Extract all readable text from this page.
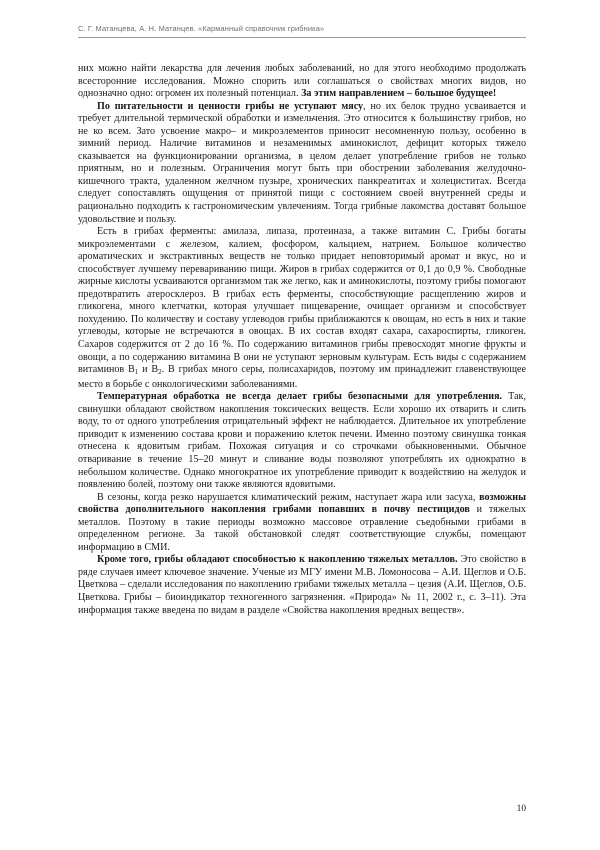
С. Г. Матанцева, А. Н. Матанцев. «Карманный справочник грибника»

них можно найти лекарства для лечения любых заболеваний, но для этого необходимо продолжать всесторонние исследования. Можно спорить или соглашаться о свойствах многих видов, но однозначно одно: огромен их полезный потенциал. За этим направлением – большое будущее!

По питательности и ценности грибы не уступают мясу, но их белок трудно усваивается и требует длительной термической обработки и измельчения. Это относится к большинству грибов, но не ко всем. Зато усвоение макро– и микроэлементов приносит несомненную пользу, особенно в зимний период. Наличие витаминов и незаменимых аминокислот, дефицит которых тяжело сказывается на функционировании организма, в целом делает употребление грибов не только приятным, но и полезным. Ограничения могут быть при обострении заболевания желудочно-кишечного тракта, удаленном желчном пузыре, хронических панкреатитах и холециститах. Всегда следует сопоставлять ощущения от принятой пищи с состоянием своей внутренней среды и рационально подходить к гастрономическим увлечениям. Тогда грибные лакомства доставят большое удовольствие и пользу.

Есть в грибах ферменты: амилаза, липаза, протеиназа, а также витамин С. Грибы богаты микроэлементами с железом, калием, фосфором, кальцием, натрием. Большое количество ароматических и экстрактивных веществ не только придает неповторимый аромат и вкус, но и способствует лучшему перевариванию пищи. Жиров в грибах содержится от 0,1 до 0,9 %. Свободные жирные кислоты усваиваются организмом так же легко, как и аминокислоты, поэтому грибы помогают предотвратить атеросклероз. В грибах есть ферменты, способствующие расщеплению жиров и гликогена, много клетчатки, которая улучшает пищеварение, очищает организм и способствует похудению. По количеству и составу углеводов грибы приближаются к овощам, но есть в них и такие углеводы, которые не встречаются в овощах. В их состав входят сахара, сахароспирты, гликоген. Сахаров содержится от 2 до 16 %. По содержанию витаминов грибы превосходят многие фрукты и овощи, а по содержанию витамина В они не уступают зерновым культурам. Есть виды с содержанием витаминов $В_1$ и $В_2$. В грибах много серы, полисахаридов, поэтому им принадлежит главенствующее место в борьбе с онкологическими заболеваниями.

Температурная обработка не всегда делает грибы безопасными для употребления. Так, свинушки обладают свойством накопления токсических веществ. Если хорошо их отварить и слить воду, то от одного употребления отрицательный эффект не наблюдается. Длительное их употребление приводит к изменению состава крови и поражению клеток печени. Именно поэтому свинушка тонкая отнесена к ядовитым грибам. Похожая ситуация и со строчками обыкновенными. Обычное отваривание в течение 15–20 минут и сливание воды позволяют употреблять их однократно в небольшом количестве. Однако многократное их употребление приводит к воздействию на желудок и появлению болей, поэтому они также являются ядовитыми.

В сезоны, когда резко нарушается климатический режим, наступает жара или засуха, возможны свойства дополнительного накопления грибами попавших в почву пестицидов и тяжелых металлов. Поэтому в такие периоды возможно массовое отравление съедобными грибами в определенном регионе. За такой обстановкой следят соответствующие службы, помещают информацию в СМИ.

Кроме того, грибы обладают способностью к накоплению тяжелых металлов. Это свойство в ряде случаев имеет ключевое значение. Ученые из МГУ имени М.В. Ломоносова – А.И. Щеглов и О.Б. Цветкова – сделали исследования по накоплению грибами тяжелых металла – цезия (А.И. Щеглов, О.Б. Цветкова. Грибы – биоиндикатор техногенного загрязнения. «Природа» № 11, 2002 г., с. 3–11). Эта информация также введена по видам в разделе «Свойства накопления вредных веществ».

10
